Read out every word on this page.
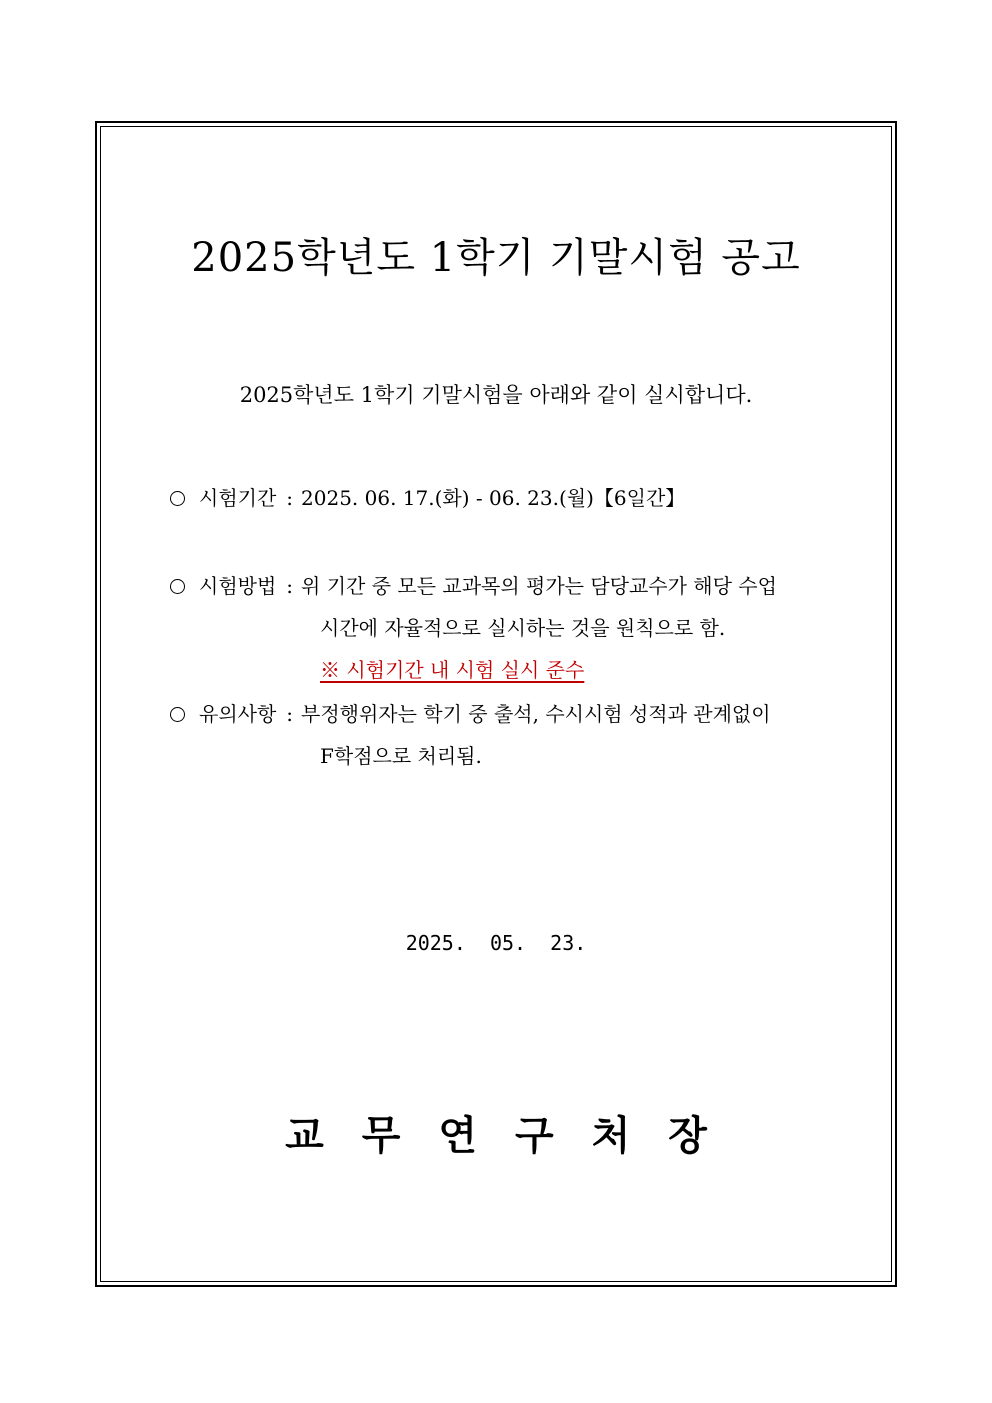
2025학년도 1학기 기말시험 공고
2025학년도 1학기 기말시험을 아래와 같이 실시합니다.
시험기간 : 2025. 06. 17.(화) - 06. 23.(월)【6일간】
시험방법 : 위 기간 중 모든 교과목의 평가는 담당교수가 해당 수업
시간에 자율적으로 실시하는 것을 원칙으로 함.
※ 시험기간 내 시험 실시 준수
유의사항 : 부정행위자는 학기 중 출석, 수시시험 성적과 관계없이
F학점으로 처리됨.
2025.  05.  23.
교무연구처장
